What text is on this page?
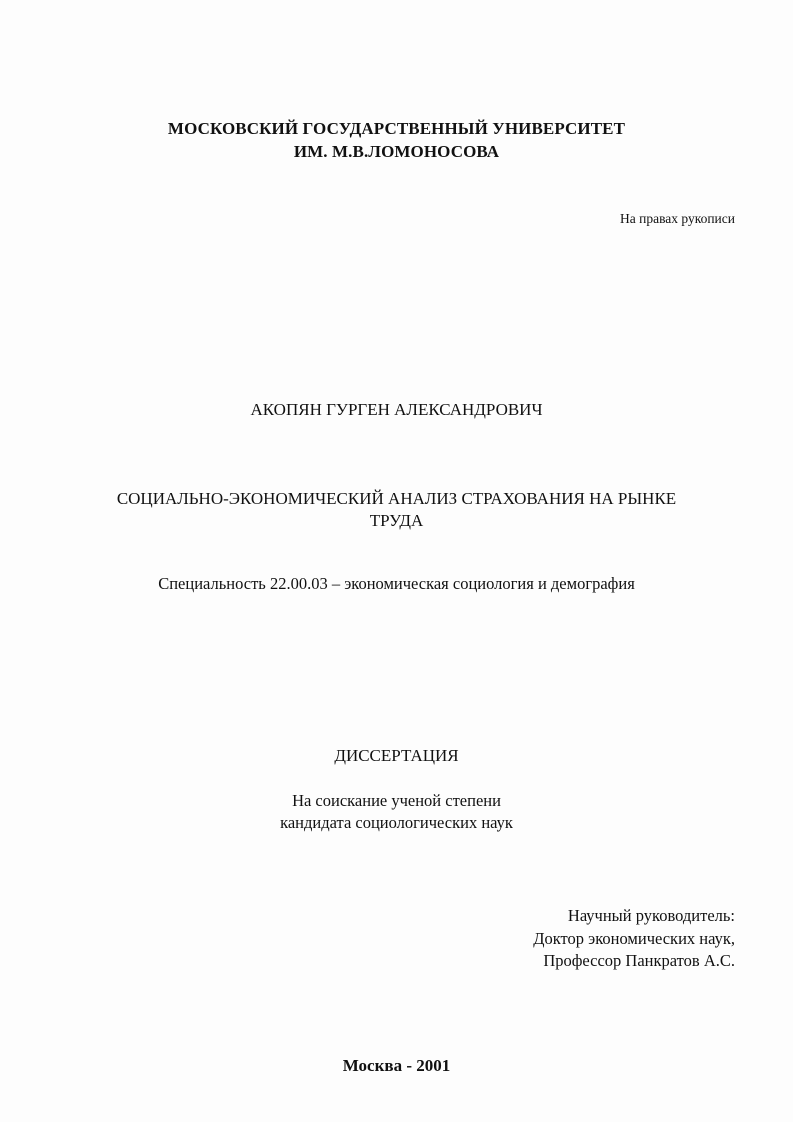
МОСКОВСКИЙ ГОСУДАРСТВЕННЫЙ УНИВЕРСИТЕТ
ИМ. М.В.ЛОМОНОСОВА
На правах рукописи
АКОПЯН ГУРГЕН АЛЕКСАНДРОВИЧ
СОЦИАЛЬНО-ЭКОНОМИЧЕСКИЙ АНАЛИЗ СТРАХОВАНИЯ НА РЫНКЕ
ТРУДА
Специальность 22.00.03 – экономическая социология и демография
ДИССЕРТАЦИЯ
На соискание ученой степени
кандидата социологических наук
Научный руководитель:
Доктор экономических наук,
Профессор Панкратов А.С.
Москва - 2001
